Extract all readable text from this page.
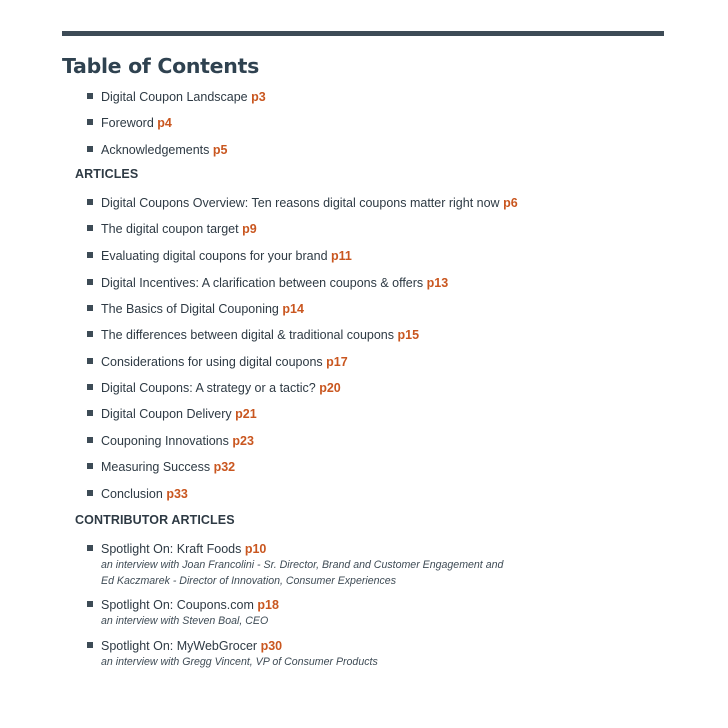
Table of Contents
Digital Coupon Landscape p3
Foreword p4
Acknowledgements p5
ARTICLES
Digital Coupons Overview: Ten reasons digital coupons matter right now p6
The digital coupon target p9
Evaluating digital coupons for your brand p11
Digital Incentives: A clarification between coupons & offers p13
The Basics of Digital Couponing p14
The differences between digital & traditional coupons p15
Considerations for using digital coupons p17
Digital Coupons: A strategy or a tactic? p20
Digital Coupon Delivery p21
Couponing Innovations p23
Measuring Success p32
Conclusion p33
CONTRIBUTOR ARTICLES
Spotlight On: Kraft Foods p10
an interview with Joan Francolini - Sr. Director, Brand and Customer Engagement and
Ed Kaczmarek - Director of Innovation, Consumer Experiences
Spotlight On: Coupons.com p18
an interview with Steven Boal, CEO
Spotlight On: MyWebGrocer p30
an interview with Gregg Vincent, VP of Consumer Products
